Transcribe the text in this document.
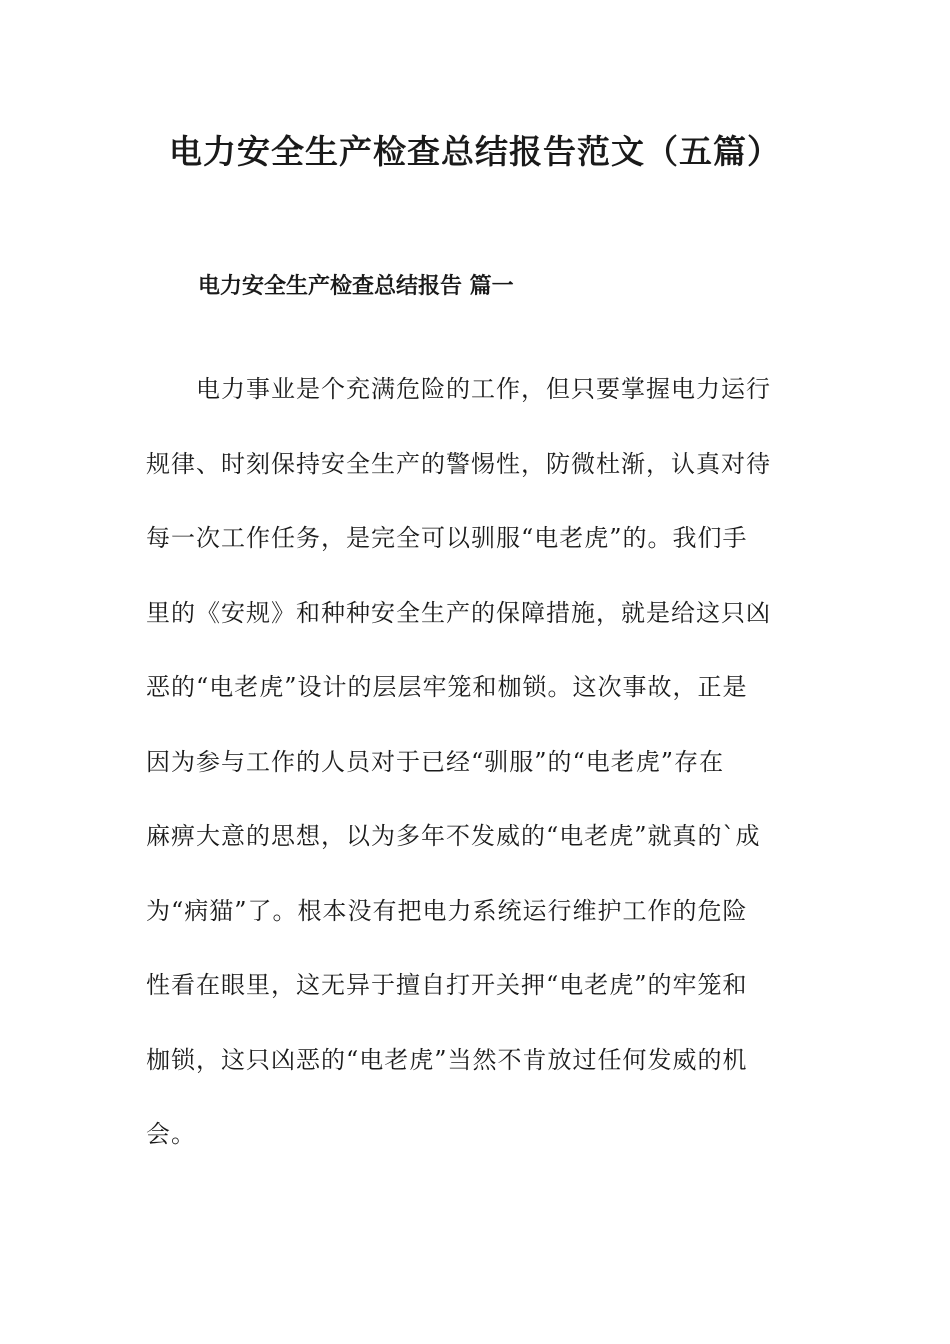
电力安全生产检查总结报告范文（五篇）
电力安全生产检查总结报告 篇一
电力事业是个充满危险的工作，但只要掌握电力运行
规律、时刻保持安全生产的警惕性，防微杜渐，认真对待
每一次工作任务，是完全可以驯服“电老虎”的。我们手
里的《安规》和种种安全生产的保障措施，就是给这只凶
恶的“电老虎”设计的层层牢笼和枷锁。这次事故，正是
因为参与工作的人员对于已经“驯服”的“电老虎”存在
麻痹大意的思想，以为多年不发威的“电老虎”就真的`成
为“病猫”了。根本没有把电力系统运行维护工作的危险
性看在眼里，这无异于擅自打开关押“电老虎”的牢笼和
枷锁，这只凶恶的“电老虎”当然不肯放过任何发威的机
会。
